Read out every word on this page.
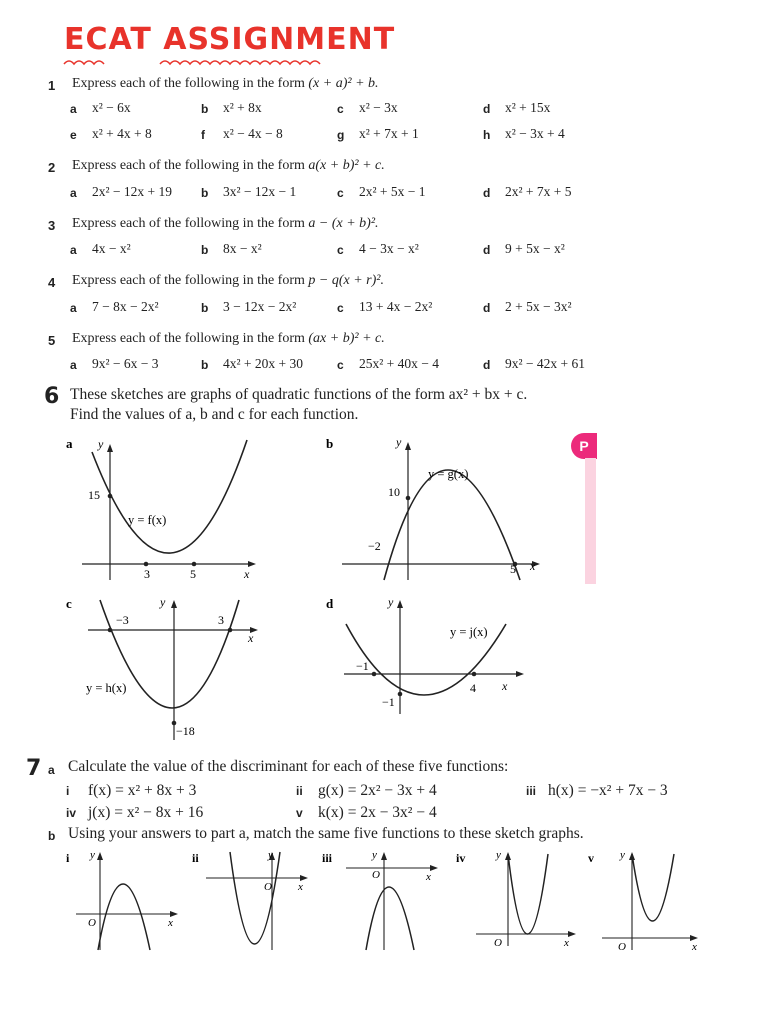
ECAT ASSIGNMENT
1 Express each of the following in the form (x + a)² + b.
2 Express each of the following in the form a(x + b)² + c.
3 Express each of the following in the form a − (x + b)².
4 Express each of the following in the form p − q(x + r)².
5 Express each of the following in the form (ax + b)² + c.
6 These sketches are graphs of quadratic functions of the form ax² + bx + c.
Find the values of a, b and c for each function.
P
a y
x
15
3	5
y = f(x)
b	y
x
10
−2
5
y = g(x)
c	y
x
−3	3
−18
y = h(x)
d	y
x
−1
4
−1
y = j(x)
7 a Calculate the value of the discriminant for each of these five functions:
b Using your answers to part a, match the same five functions to these sketch graphs.
i y
x
O
ii	y
x
O
iii	y
x
O
iv	y
x
O
v y
x
O
a x² − 6x	b x² + 8x	c x² − 3x	d x² + 15x
e x² + 4x + 8	f x² − 4x − 8	g x² + 7x + 1	h x² − 3x + 4
a 2x² − 12x + 19 b 3x² − 12x − 1	c 2x² + 5x − 1	d 2x² + 7x + 5
a 4x − x²	b 8x − x²	c 4 − 3x − x²	d 9 + 5x − x²
a 7 − 8x − 2x²	b 3 − 12x − 2x²	c 13 + 4x − 2x²	d 2 + 5x − 3x²
a 9x² − 6x − 3	b 4x² + 20x + 30	c 25x² + 40x − 4	d 9x² − 42x + 61
i f(x) = x² + 8x + 3	ii g(x) = 2x² − 3x + 4	iii h(x) = −x² + 7x − 3
iv j(x) = x² − 8x + 16	v k(x) = 2x − 3x² − 4
